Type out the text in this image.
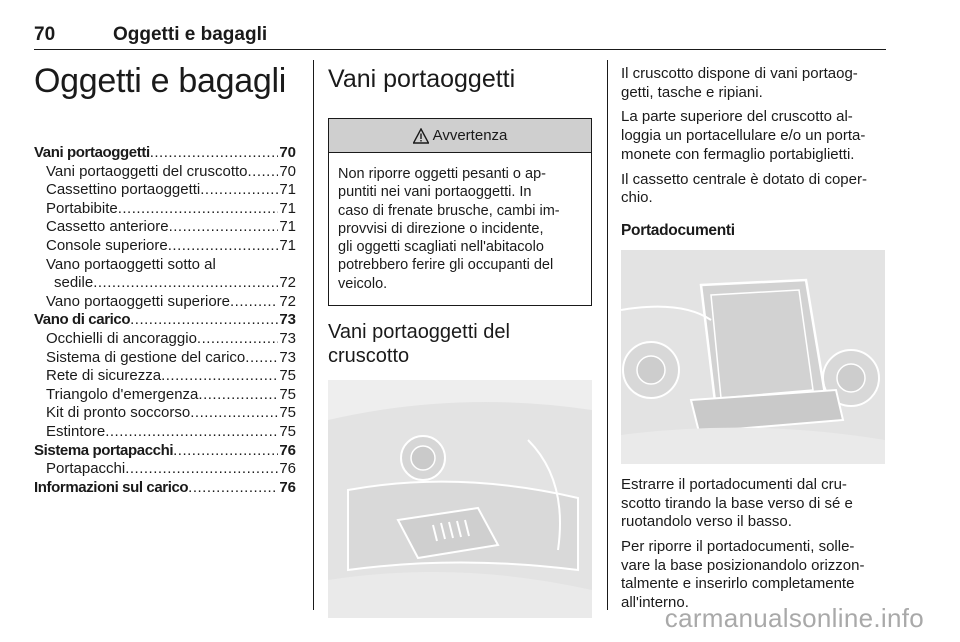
70	Oggetti e bagagli
Oggetti e bagagli
Vani portaoggetti .....	70
Vani portaoggetti del cruscotto ..... 70
Cassettino portaoggetti .....	71
Portabibite .....	71
Cassetto anteriore .....	71
Console superiore .....	71
Vano portaoggetti sotto al
sedile .....	72
Vano portaoggetti superiore .....	72
Vano di carico .....	73
Occhielli di ancoraggio .....	73
Sistema di gestione del carico ..... 73
Rete di sicurezza .....	75
Triangolo d'emergenza .....	75
Kit di pronto soccorso .....	75
Estintore .....	75
Sistema portapacchi .....	76
Portapacchi .....	76
Informazioni sul carico .....	76
Vani portaoggetti
Avvertenza
Non riporre oggetti pesanti o ap-
puntiti nei vani portaoggetti. In
caso di frenate brusche, cambi im-
provvisi di direzione o incidente,
gli oggetti scagliati nell'abitacolo
potrebbero ferire gli occupanti del
veicolo.
Vani portaoggetti del
cruscotto
Il cruscotto dispone di vani portaog-
getti, tasche e ripiani.
La parte superiore del cruscotto al-
loggia un portacellulare e/o un porta-
monete con fermaglio portabiglietti.
Il cassetto centrale è dotato di coper-
chio.
Portadocumenti
Estrarre il portadocumenti dal cru-
scotto tirando la base verso di sé e
ruotandolo verso il basso.
Per riporre il portadocumenti, solle-
vare la base posizionandolo orizzon-
talmente e inserirlo completamente
all'interno.
carmanualsonline.info
